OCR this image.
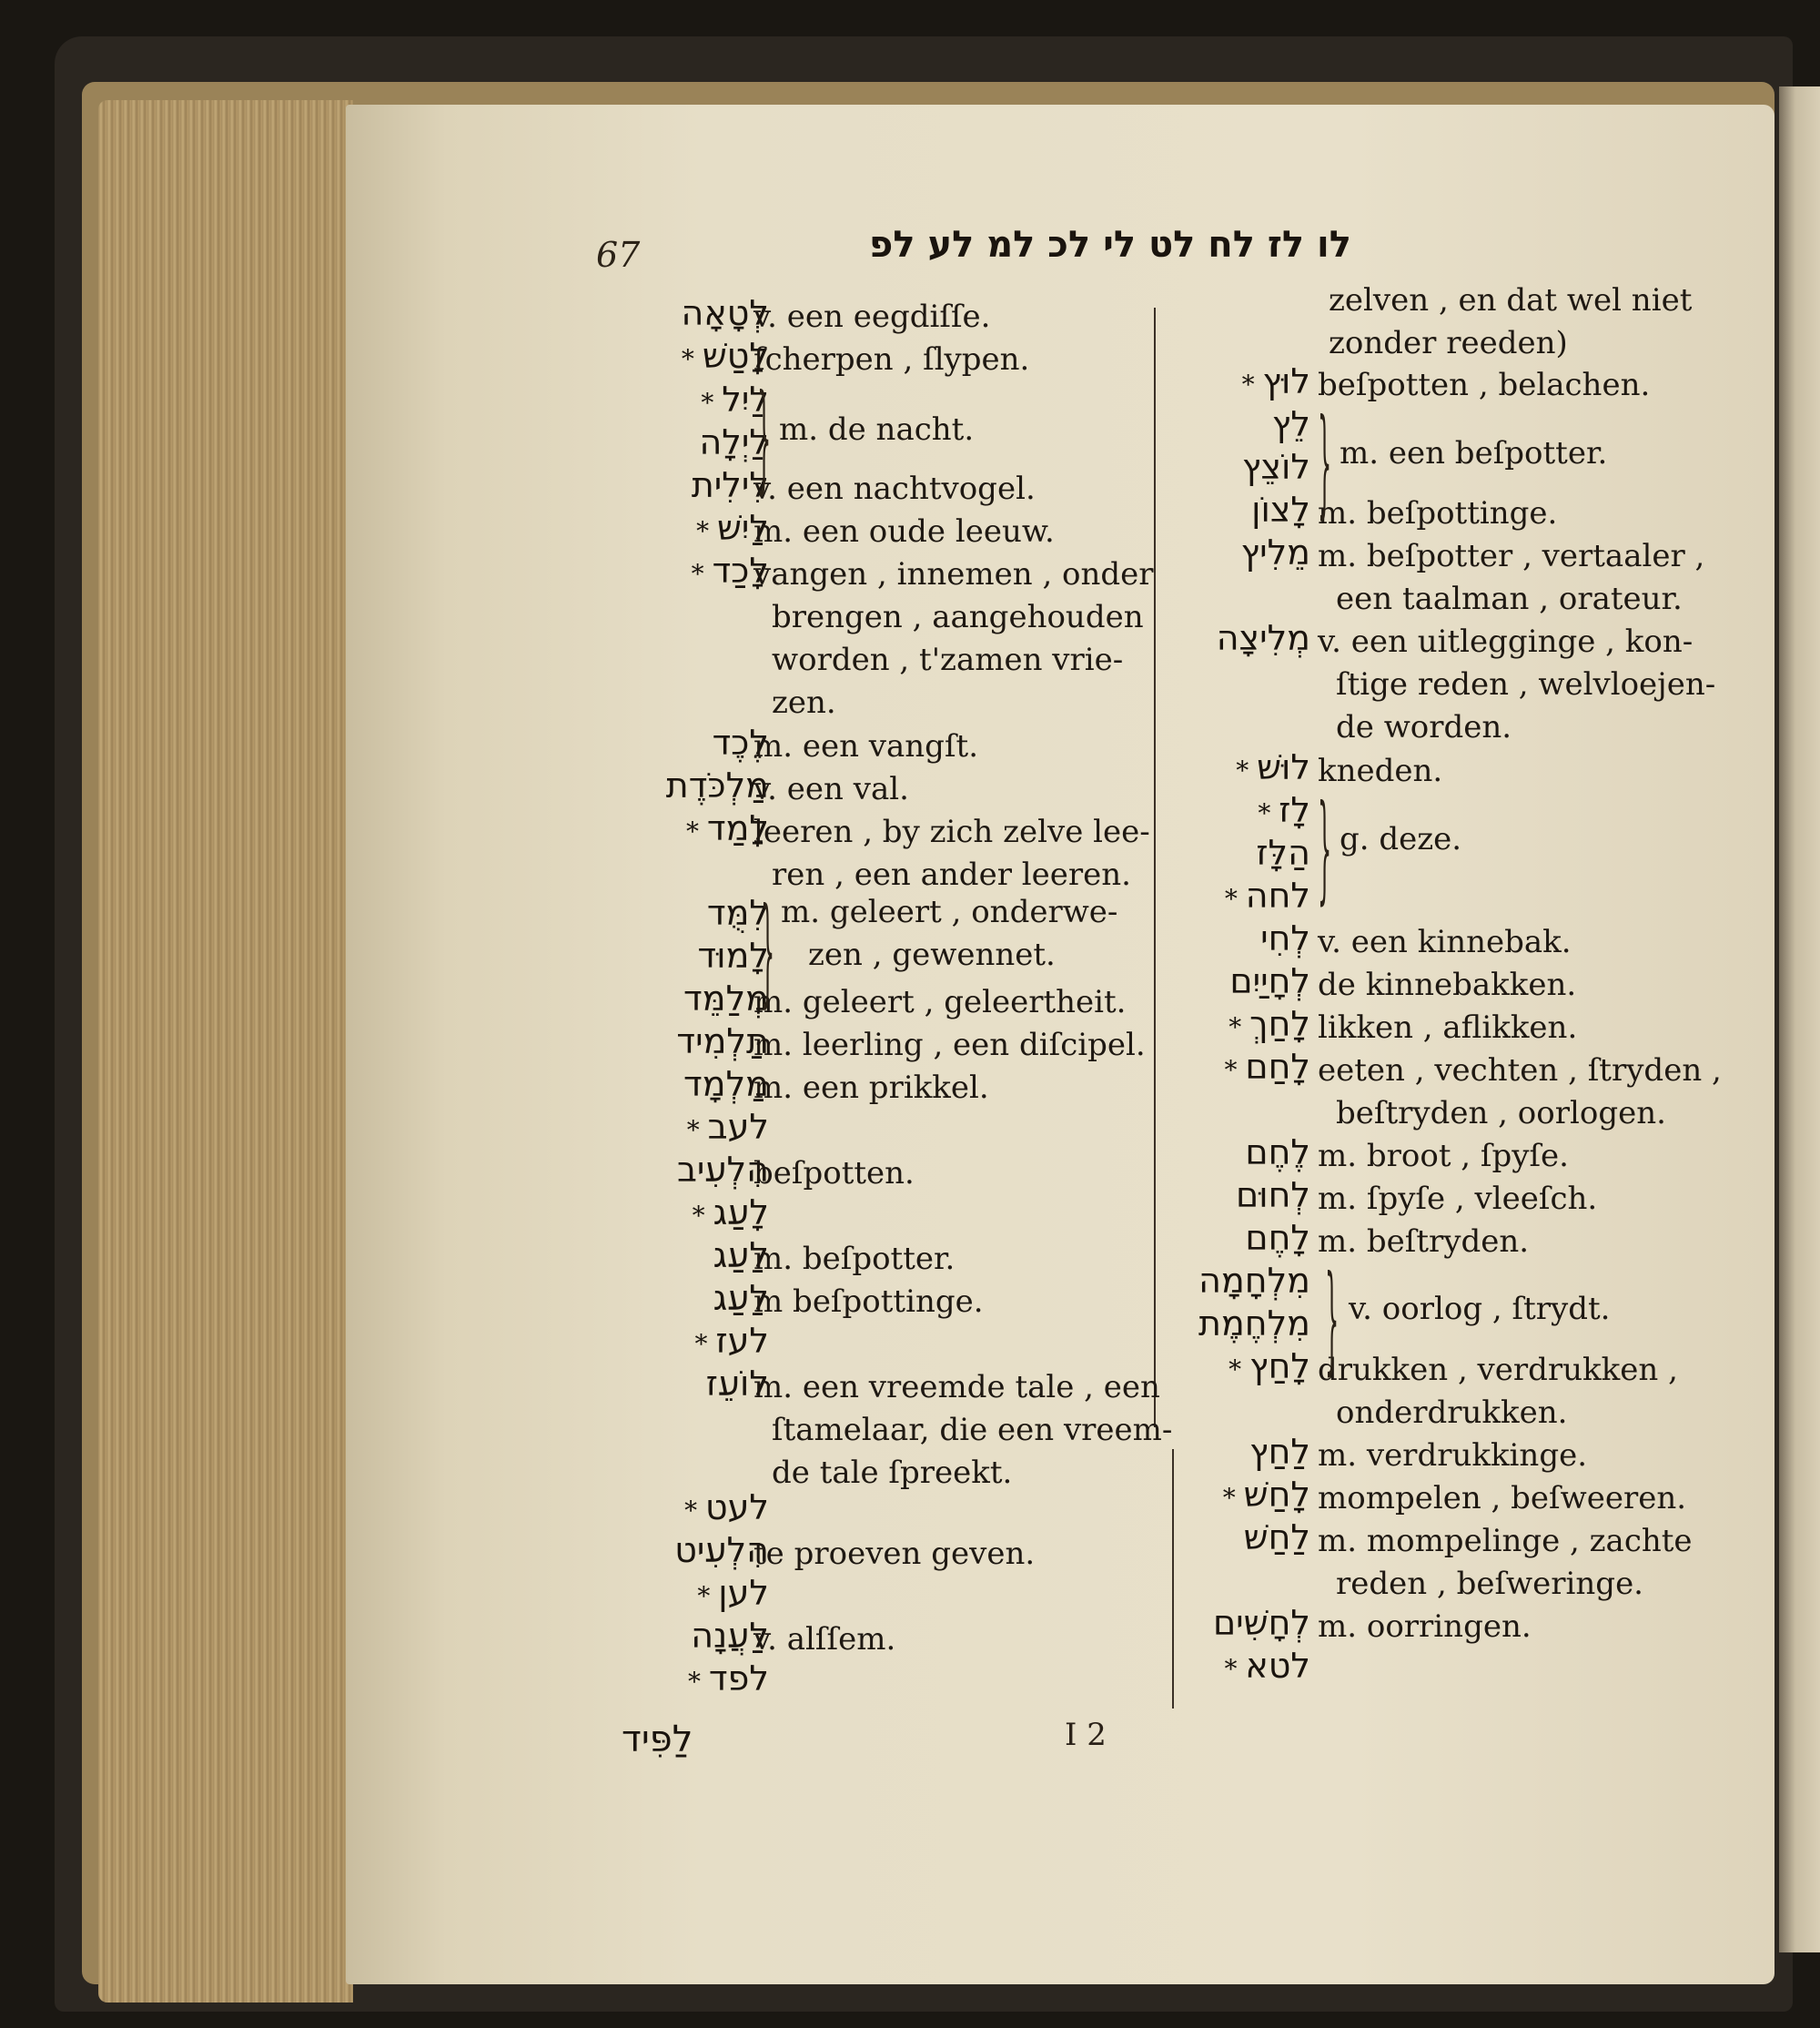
67	לו לז לח לט לי לכ למ לע לפ
לְטָאָה
v. een eegdiſſe.
* לָטַשׁ
ſcherpen , ſlypen.
* לַיִל
לַיְלָה
לִילִית
v. een nachtvogel.
* לַיִשׁ
m. een oude leeuw.
* לָכַד
vangen , innemen , onder
brengen , aangehouden
worden , t'zamen vrie-
zen.
לֶכֶד
m. een vangſt.
מַלְכֹּדֶת
v. een val.
* לָמַד
leeren , by zich zelve lee-
ren , een ander leeren.
לִמֻּד
לָמוּד
מְלַמֵּד
m. geleert , geleertheit.
תַּלְמִיד
m. leerling , een diſcipel.
מַלְמָד
m. een prikkel.
* לעב
הִלְעִיב
beſpotten.
* לָעַג
לַעַג
m. beſpotter.
לַעַג
m beſpottinge.
* לעז
לוֹעֵז
m. een vreemde tale , een
ſtamelaar, die een vreem-
de tale ſpreekt.
* לעט
הִלְעִיט
te proeven geven.
* לען
לַעֲנָה
v. alſſem.
* לפד
} m. de nacht.
} m. geleert , onderwe-
zen , gewennet.
zelven , en dat wel niet
zonder reeden)
* לוּץ beſpotten , belachen.
לֵץ
לוֹצֵץ
לָצוֹן m. beſpottinge.
מֵלִיץ m. beſpotter , vertaaler ,
een taalman , orateur.
מְלִיצָה v. een uitlegginge , kon-
ſtige reden , welvloejen-
de worden.
* לוּשׁ kneden.
* לָז
הַלָּז
* לחה
לְחִי v. een kinnebak.
לְחָיַיִם de kinnebakken.
* לָחַךְ likken , aflikken.
* לָחַם eeten , vechten , ſtryden ,
beſtryden , oorlogen.
לֶחֶם m. broot , ſpyſe.
לְחוּם m. ſpyſe , vleeſch.
לָחֶם m. beſtryden.
מִלְחָמָה
מִלְחֶמֶת
* לָחַץ drukken , verdrukken ,
onderdrukken.
לַחַץ m. verdrukkinge.
* לָחַשׁ mompelen , beſweeren.
לַחַשׁ m. mompelinge , zachte
reden , beſweringe.
לְחָשִׁים m. oorringen.
* לטא
} m. een beſpotter.
} g. deze.
} v. oorlog , ſtrydt.
לַפִּיד	I 2
